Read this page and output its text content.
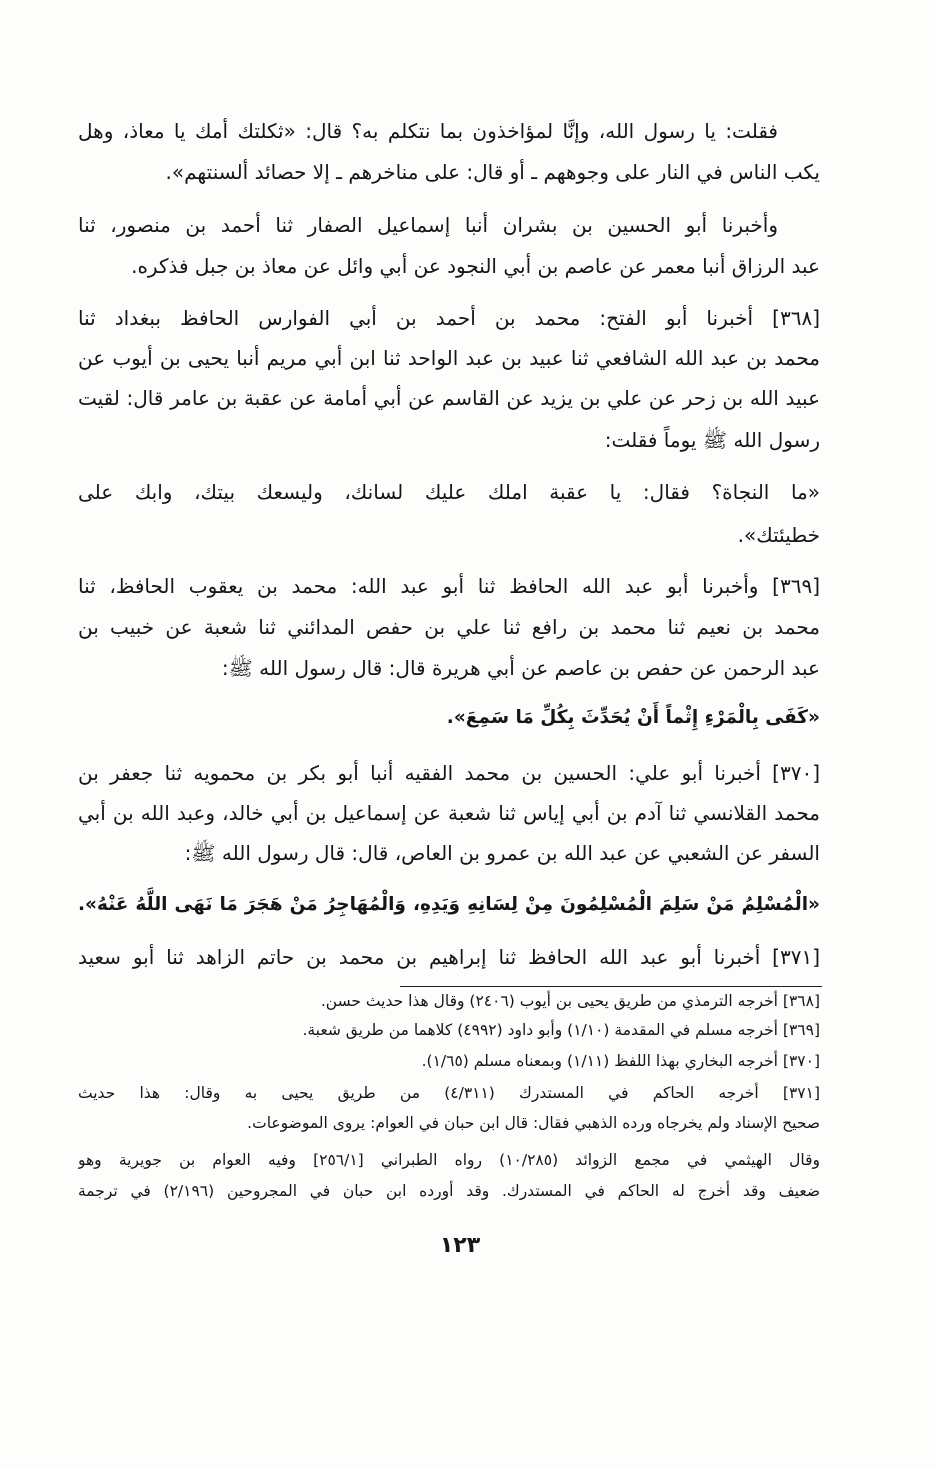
فقلت: يا رسول الله، وإنَّا لمؤاخذون بما نتكلم به؟ قال: «ثكلتك أمك يا معاذ، وهل
يكب الناس في النار على وجوههم ـ أو قال: على مناخرهم ـ إلا حصائد ألسنتهم».
وأخبرنا أبو الحسين بن بشران أنبا إسماعيل الصفار ثنا أحمد بن منصور، ثنا
عبد الرزاق أنبا معمر عن عاصم بن أبي النجود عن أبي وائل عن معاذ بن جبل فذكره.
[٣٦٨] أخبرنا أبو الفتح: محمد بن أحمد بن أبي الفوارس الحافظ ببغداد ثنا
محمد بن عبد الله الشافعي ثنا عبيد بن عبد الواحد ثنا ابن أبي مريم أنبا يحيى بن أيوب عن
عبيد الله بن زحر عن علي بن يزيد عن القاسم عن أبي أمامة عن عقبة بن عامر قال: لقيت
رسول الله ﷺ يوماً فقلت:
«ما النجاة؟ فقال: يا عقبة املك عليك لسانك، وليسعك بيتك، وابك على
خطيئتك».
[٣٦٩] وأخبرنا أبو عبد الله الحافظ ثنا أبو عبد الله: محمد بن يعقوب الحافظ، ثنا
محمد بن نعيم ثنا محمد بن رافع ثنا علي بن حفص المدائني ثنا شعبة عن خبيب بن
عبد الرحمن عن حفص بن عاصم عن أبي هريرة قال: قال رسول الله ﷺ:
«كَفَى بِالْمَرْءِ إِثْماً أَنْ يُحَدِّثَ بِكُلِّ مَا سَمِعَ».
[٣٧٠] أخبرنا أبو علي: الحسين بن محمد الفقيه أنبا أبو بكر بن محمويه ثنا جعفر بن
محمد القلانسي ثنا آدم بن أبي إياس ثنا شعبة عن إسماعيل بن أبي خالد، وعبد الله بن أبي
السفر عن الشعبي عن عبد الله بن عمرو بن العاص، قال: قال رسول الله ﷺ:
«الْمُسْلِمُ مَنْ سَلِمَ الْمُسْلِمُونَ مِنْ لِسَانِهِ وَيَدِهِ، وَالْمُهَاجِرُ مَنْ هَجَرَ مَا نَهَى اللَّهُ عَنْهُ».
[٣٧١] أخبرنا أبو عبد الله الحافظ ثنا إبراهيم بن محمد بن حاتم الزاهد ثنا أبو سعيد
[٣٦٨] أخرجه الترمذي من طريق يحيى بن أيوب (٢٤٠٦) وقال هذا حديث حسن.
[٣٦٩] أخرجه مسلم في المقدمة (١/١٠) وأبو داود (٤٩٩٢) كلاهما من طريق شعبة.
[٣٧٠] أخرجه البخاري بهذا اللفظ (١/١١) وبمعناه مسلم (١/٦٥).
[٣٧١] أخرجه الحاكم في المستدرك (٤/٣١١) من طريق يحيى به وقال: هذا حديث
صحيح الإسناد ولم يخرجاه ورده الذهبي فقال: قال ابن حبان في العوام: يروى الموضوعات.
وقال الهيثمي في مجمع الزوائد (١٠/٢٨٥) رواه الطبراني [٢٥٦/١] وفيه العوام بن جويرية وهو
ضعيف وقد أخرج له الحاكم في المستدرك. وقد أورده ابن حبان في المجروحين (٢/١٩٦) في ترجمة
١٢٣
